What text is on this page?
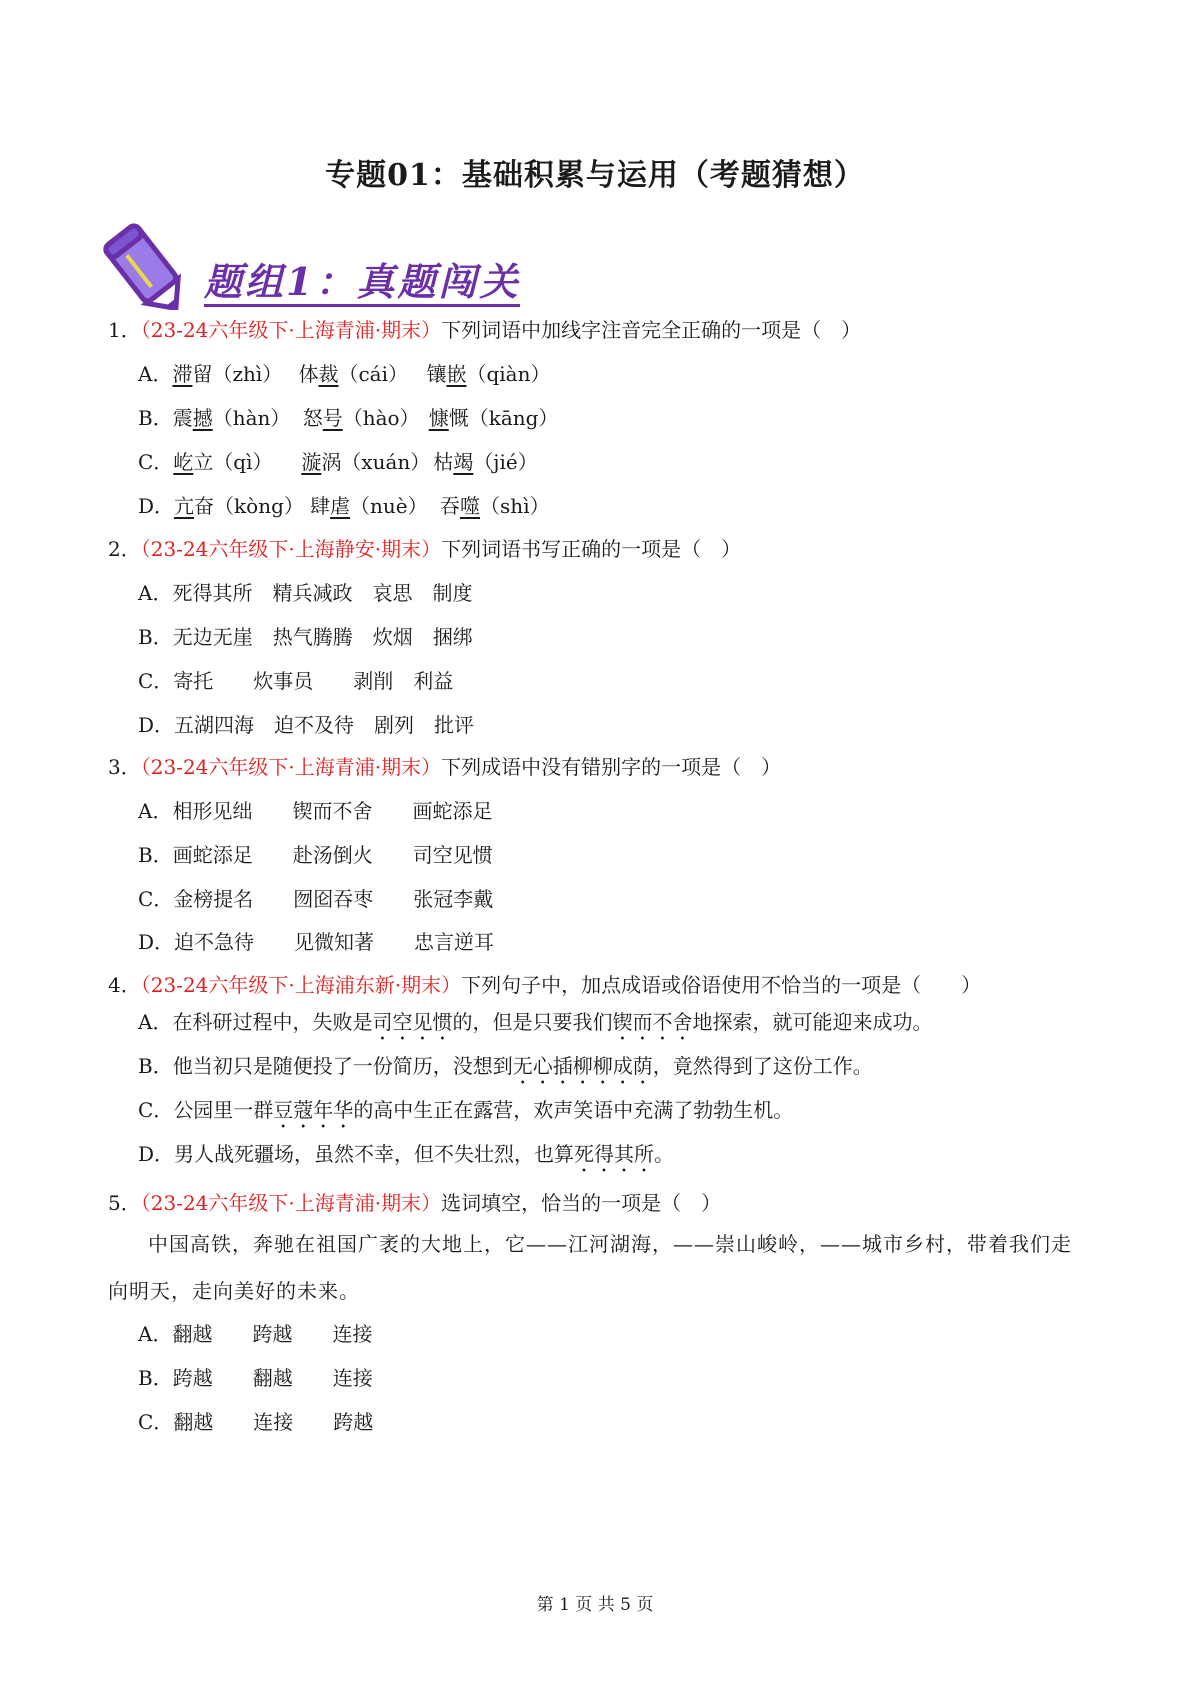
专题01：基础积累与运用（考题猜想）
题组1：真题闯关
1．（23-24六年级下·上海青浦·期末）下列词语中加线字注音完全正确的一项是（　）
A．滞留（zhì） 体裁（cái） 镶嵌（qiàn）
B．震撼（hàn） 怒号（hào） 慷慨（kāng）
C．屹立（qì） 漩涡（xuán） 枯竭（jié）
D．亢奋（kòng） 肆虐（nuè） 吞噬（shì）
2．（23-24六年级下·上海静安·期末）下列词语书写正确的一项是（　）
A．死得其所　精兵减政　哀思　制度
B．无边无崖　热气腾腾　炊烟　捆绑
C．寄托　　炊事员　　剥削　利益
D．五湖四海　迫不及待　剧列　批评
3．（23-24六年级下·上海青浦·期末）下列成语中没有错别字的一项是（　）
A．相形见绌　　锲而不舍　　画蛇添足
B．画蛇添足　　赴汤倒火　　司空见惯
C．金榜提名　　囫囵吞枣　　张冠李戴
D．迫不急待　　见微知著　　忠言逆耳
4．（23-24六年级下·上海浦东新·期末）下列句子中，加点成语或俗语使用不恰当的一项是（　　）
A．在科研过程中，失败是司空见惯的，但是只要我们锲而不舍地探索，就可能迎来成功。
B．他当初只是随便投了一份简历，没想到无心插柳柳成荫，竟然得到了这份工作。
C．公园里一群豆蔻年华的高中生正在露营，欢声笑语中充满了勃勃生机。
D．男人战死疆场，虽然不幸，但不失壮烈，也算死得其所。
5．（23-24六年级下·上海青浦·期末）选词填空，恰当的一项是（　）
中国高铁，奔驰在祖国广袤的大地上，它——江河湖海，——崇山峻岭，——城市乡村，带着我们走向明天，走向美好的未来。
A．翻越　　跨越　　连接
B．跨越　　翻越　　连接
C．翻越　　连接　　跨越
第 1 页 共 5 页
